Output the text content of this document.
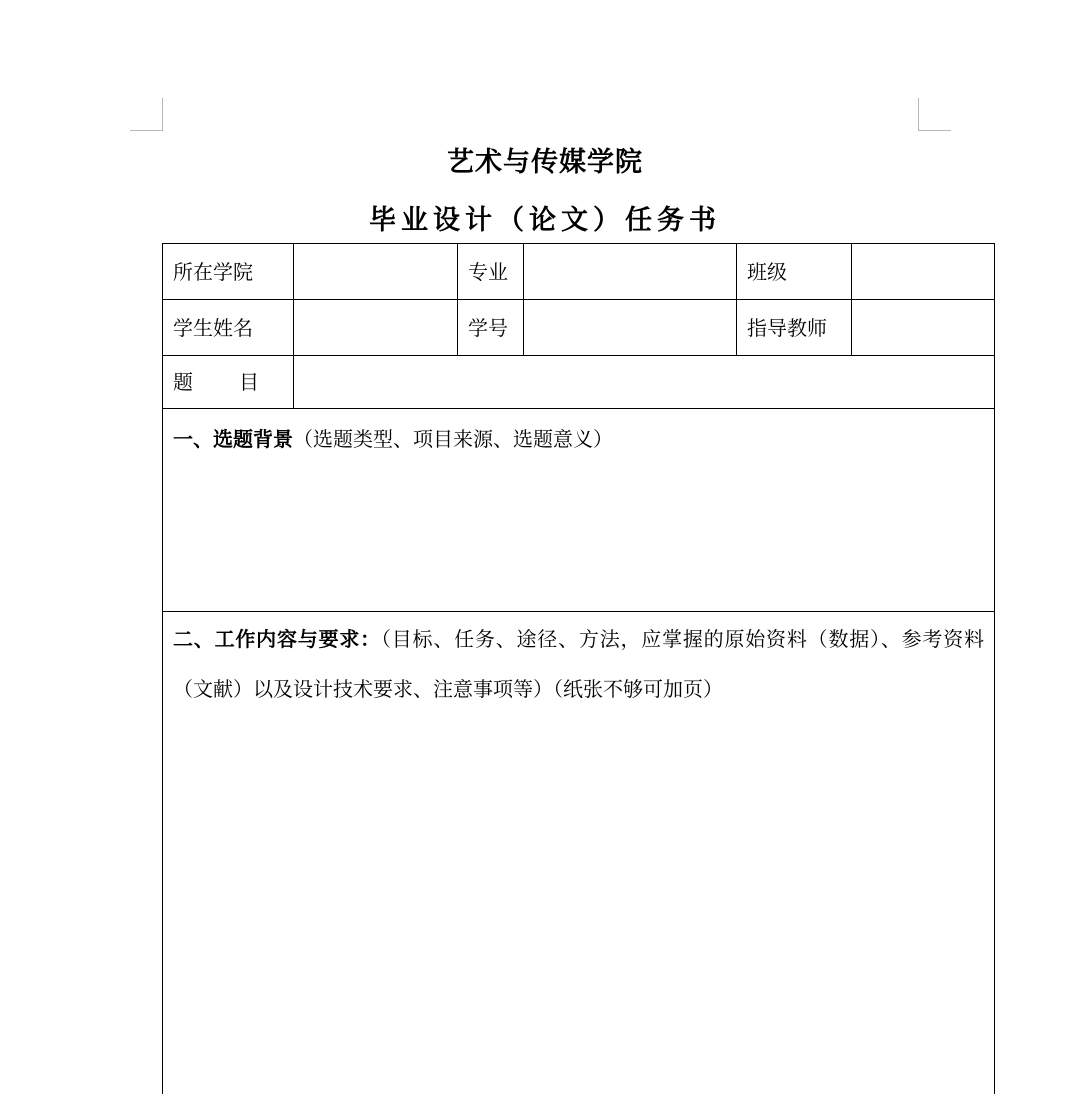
艺术与传媒学院
毕业设计（论文）任务书
所在学院		专业		班级	
学生姓名		学号		指导教师	
题 目					
一、选题背景（选题类型、项目来源、选题意义）					

二、工作内容与要求：（目标、任务、途径、方法，应掌握的原始资料（数据）、参考资料（文献）以及设计技术要求、注意事项等）（纸张不够可加页）					
